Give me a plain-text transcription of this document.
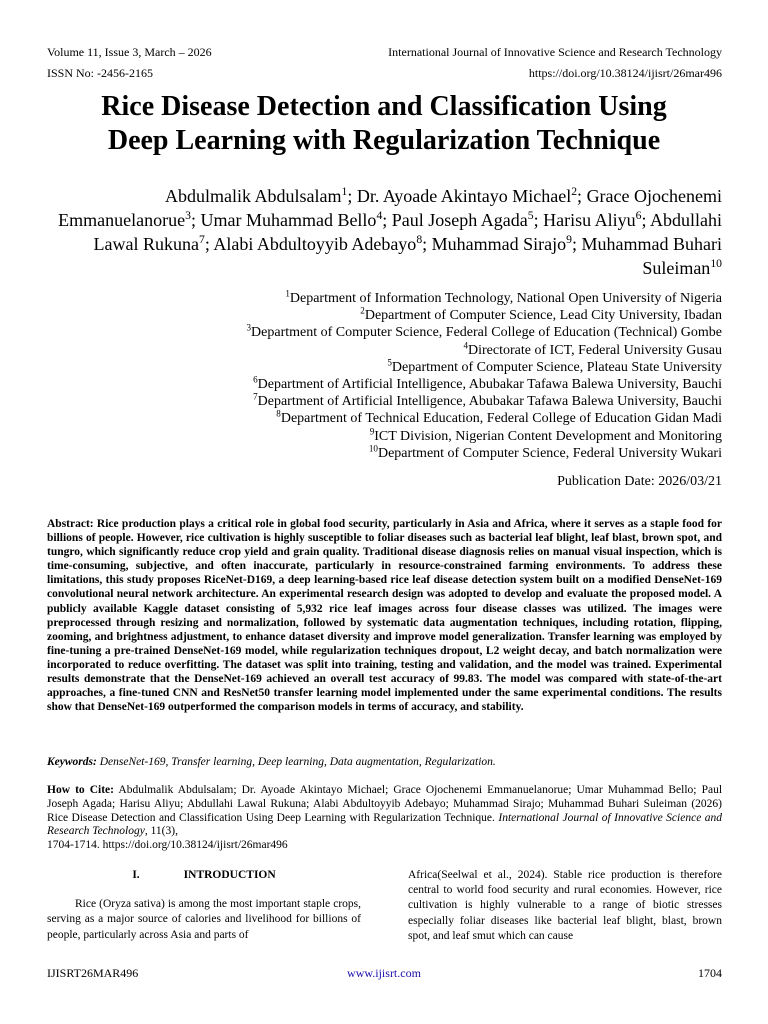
Volume 11, Issue 3, March – 2026	International Journal of Innovative Science and Research Technology
ISSN No: -2456-2165	https://doi.org/10.38124/ijisrt/26mar496
Rice Disease Detection and Classification Using
Deep Learning with Regularization Technique
Abdulmalik Abdulsalam$^1$; Dr. Ayoade Akintayo Michael$^2$; Grace Ojochenemi Emmanuelanorue$^3$; Umar Muhammad Bello$^4$; Paul Joseph Agada$^5$; Harisu Aliyu$^6$; Abdullahi Lawal Rukuna$^7$; Alabi Abdultoyyib Adebayo$^8$; Muhammad Sirajo$^9$; Muhammad Buhari Suleiman$^{10}$
$^1$Department of Information Technology, National Open University of Nigeria
$^2$Department of Computer Science, Lead City University, Ibadan
$^3$Department of Computer Science, Federal College of Education (Technical) Gombe
$^4$Directorate of ICT, Federal University Gusau
$^5$Department of Computer Science, Plateau State University
$^6$Department of Artificial Intelligence, Abubakar Tafawa Balewa University, Bauchi
$^7$Department of Artificial Intelligence, Abubakar Tafawa Balewa University, Bauchi
$^8$Department of Technical Education, Federal College of Education Gidan Madi
$^9$ICT Division, Nigerian Content Development and Monitoring
$^{10}$Department of Computer Science, Federal University Wukari
Publication Date: 2026/03/21
Abstract: Rice production plays a critical role in global food security, particularly in Asia and Africa, where it serves as a staple food for billions of people. However, rice cultivation is highly susceptible to foliar diseases such as bacterial leaf blight, leaf blast, brown spot, and tungro, which significantly reduce crop yield and grain quality. Traditional disease diagnosis relies on manual visual inspection, which is time-consuming, subjective, and often inaccurate, particularly in resource-constrained farming environments. To address these limitations, this study proposes RiceNet-D169, a deep learning-based rice leaf disease detection system built on a modified DenseNet-169 convolutional neural network architecture. An experimental research design was adopted to develop and evaluate the proposed model. A publicly available Kaggle dataset consisting of 5,932 rice leaf images across four disease classes was utilized. The images were preprocessed through resizing and normalization, followed by systematic data augmentation techniques, including rotation, flipping, zooming, and brightness adjustment, to enhance dataset diversity and improve model generalization. Transfer learning was employed by fine-tuning a pre-trained DenseNet-169 model, while regularization techniques dropout, L2 weight decay, and batch normalization were incorporated to reduce overfitting. The dataset was split into training, testing and validation, and the model was trained. Experimental results demonstrate that the DenseNet-169 achieved an overall test accuracy of 99.83. The model was compared with state-of-the-art approaches, a fine-tuned CNN and ResNet50 transfer learning model implemented under the same experimental conditions. The results show that DenseNet-169 outperformed the comparison models in terms of accuracy, and stability.
Keywords: DenseNet-169, Transfer learning, Deep learning, Data augmentation, Regularization.
How to Cite: Abdulmalik Abdulsalam; Dr. Ayoade Akintayo Michael; Grace Ojochenemi Emmanuelanorue; Umar Muhammad Bello; Paul Joseph Agada; Harisu Aliyu; Abdullahi Lawal Rukuna; Alabi Abdultoyyib Adebayo; Muhammad Sirajo; Muhammad Buhari Suleiman (2026) Rice Disease Detection and Classification Using Deep Learning with Regularization Technique. International Journal of Innovative Science and Research Technology, 11(3),
1704-1714. https://doi.org/10.38124/ijisrt/26mar496
I.	INTRODUCTION
Rice (Oryza sativa) is among the most important staple crops, serving as a major source of calories and livelihood for billions of people, particularly across Asia and parts of
Africa(Seelwal et al., 2024). Stable rice production is therefore central to world food security and rural economies. However, rice cultivation is highly vulnerable to a range of biotic stresses especially foliar diseases like bacterial leaf blight, blast, brown spot, and leaf smut which can cause
IJISRT26MAR496	www.ijisrt.com	1704
